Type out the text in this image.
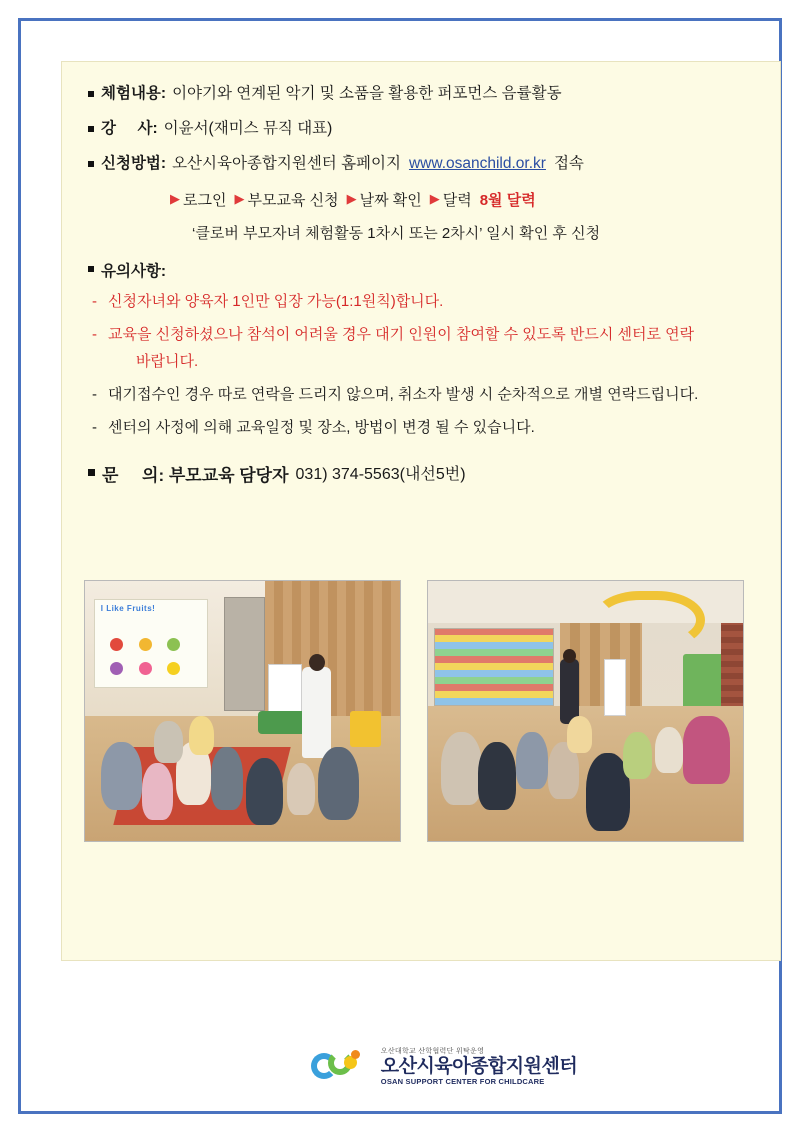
체험내용: 이야기와 연계된 악기 및 소품을 활용한 퍼포먼스 음률활동
강     사: 이윤서(재미스 뮤직 대표)
신청방법: 오산시육아종합지원센터 홈페이지 www.osanchild.or.kr 접속
▶ 로그인 ▶ 부모교육 신청 ▶ 날짜 확인 ▶ 달력 8월 달력
‘클로버 부모자녀 체험활동 1차시 또는 2차시’ 일시 확인 후 신청
유의사항:
- 신청자녀와 양육자 1인만 입장 가능(1:1원칙)합니다.
- 교육을 신청하셨으나 참석이 어려울 경우 대기 인원이 참여할 수 있도록 반드시 센터로 연락
바랍니다.
- 대기접수인 경우 따로 연락을 드리지 않으며, 취소자 발생 시 순차적으로 개별 연락드립니다.
- 센터의 사정에 의해 교육일정 및 장소, 방법이 변경 될 수 있습니다.
문     의: 부모교육 담당자 031) 374-5563(내선5번)
I Like Fruits!
오산대학교 산학협력단 위탁운영
오산시육아종합지원센터
OSAN SUPPORT CENTER FOR CHILDCARE
